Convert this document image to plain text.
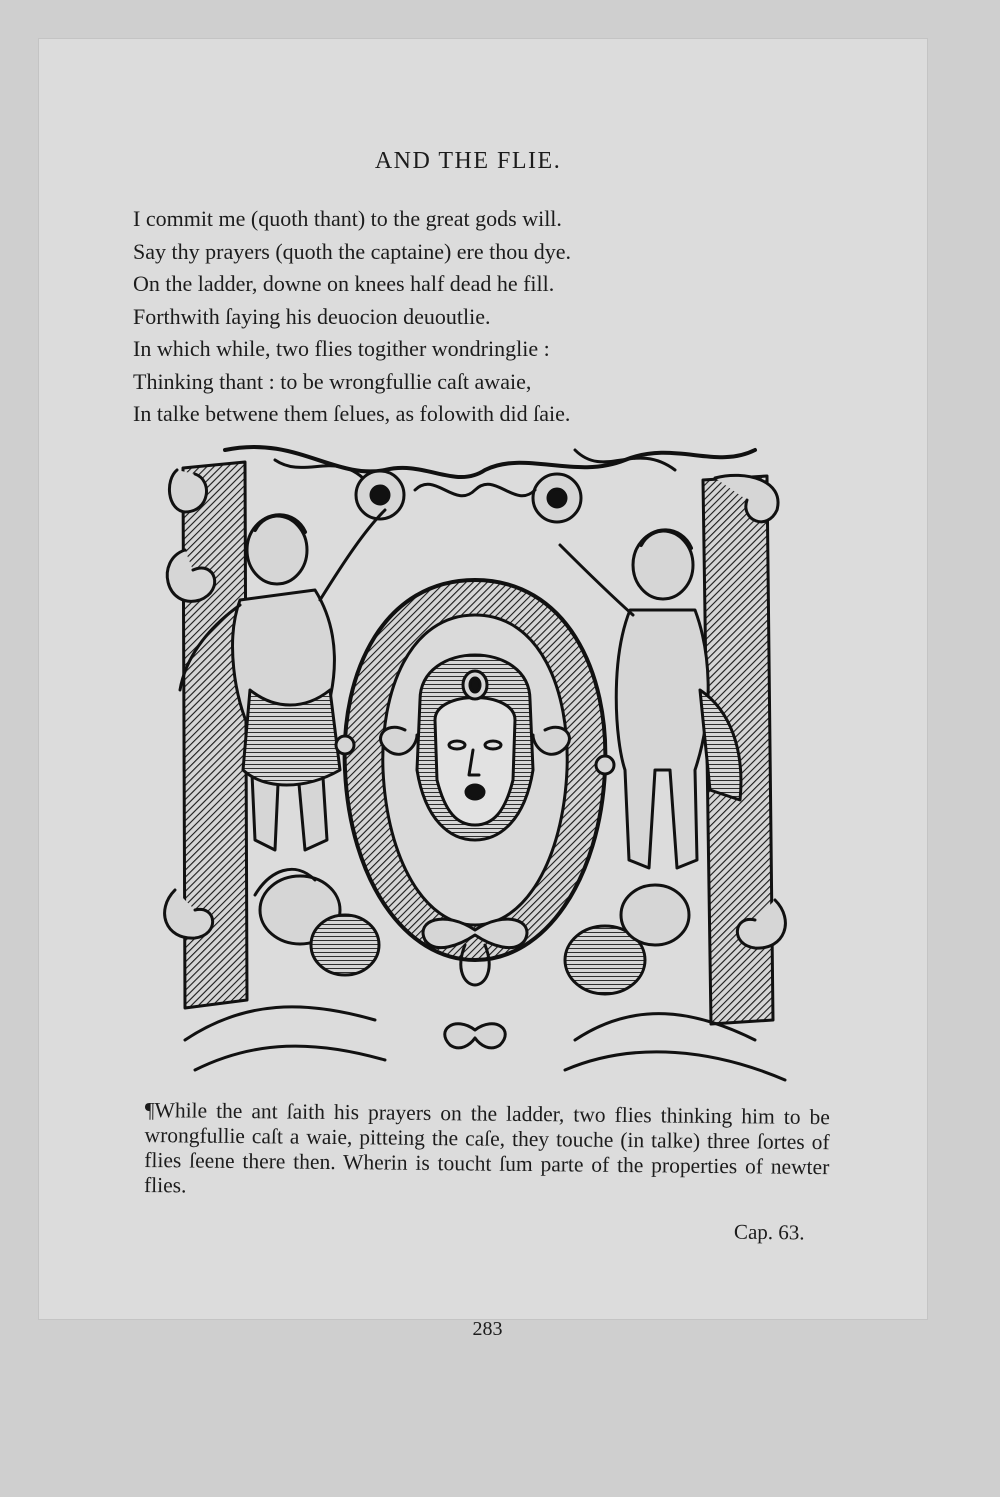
AND THE FLIE.
I commit me (quoth thant) to the great gods will.
Say thy prayers (quoth the captaine) ere thou dye.
On the ladder, downe on knees half dead he fill.
Forthwith ſaying his deuocion deuoutlie.
In which while, two flies togither wondringlie :
Thinking thant : to be wrongfullie caſt awaie,
In talke betwene them ſelues, as folowith did ſaie.
¶While the ant ſaith his prayers on the ladder, two flies thinking him to be wrongfullie caſt a waie, pitteing the caſe, they touche (in talke) three ſortes of flies ſeene there then. Wherin is toucht ſum parte of the properties of newter flies.
Cap. 63.
283
